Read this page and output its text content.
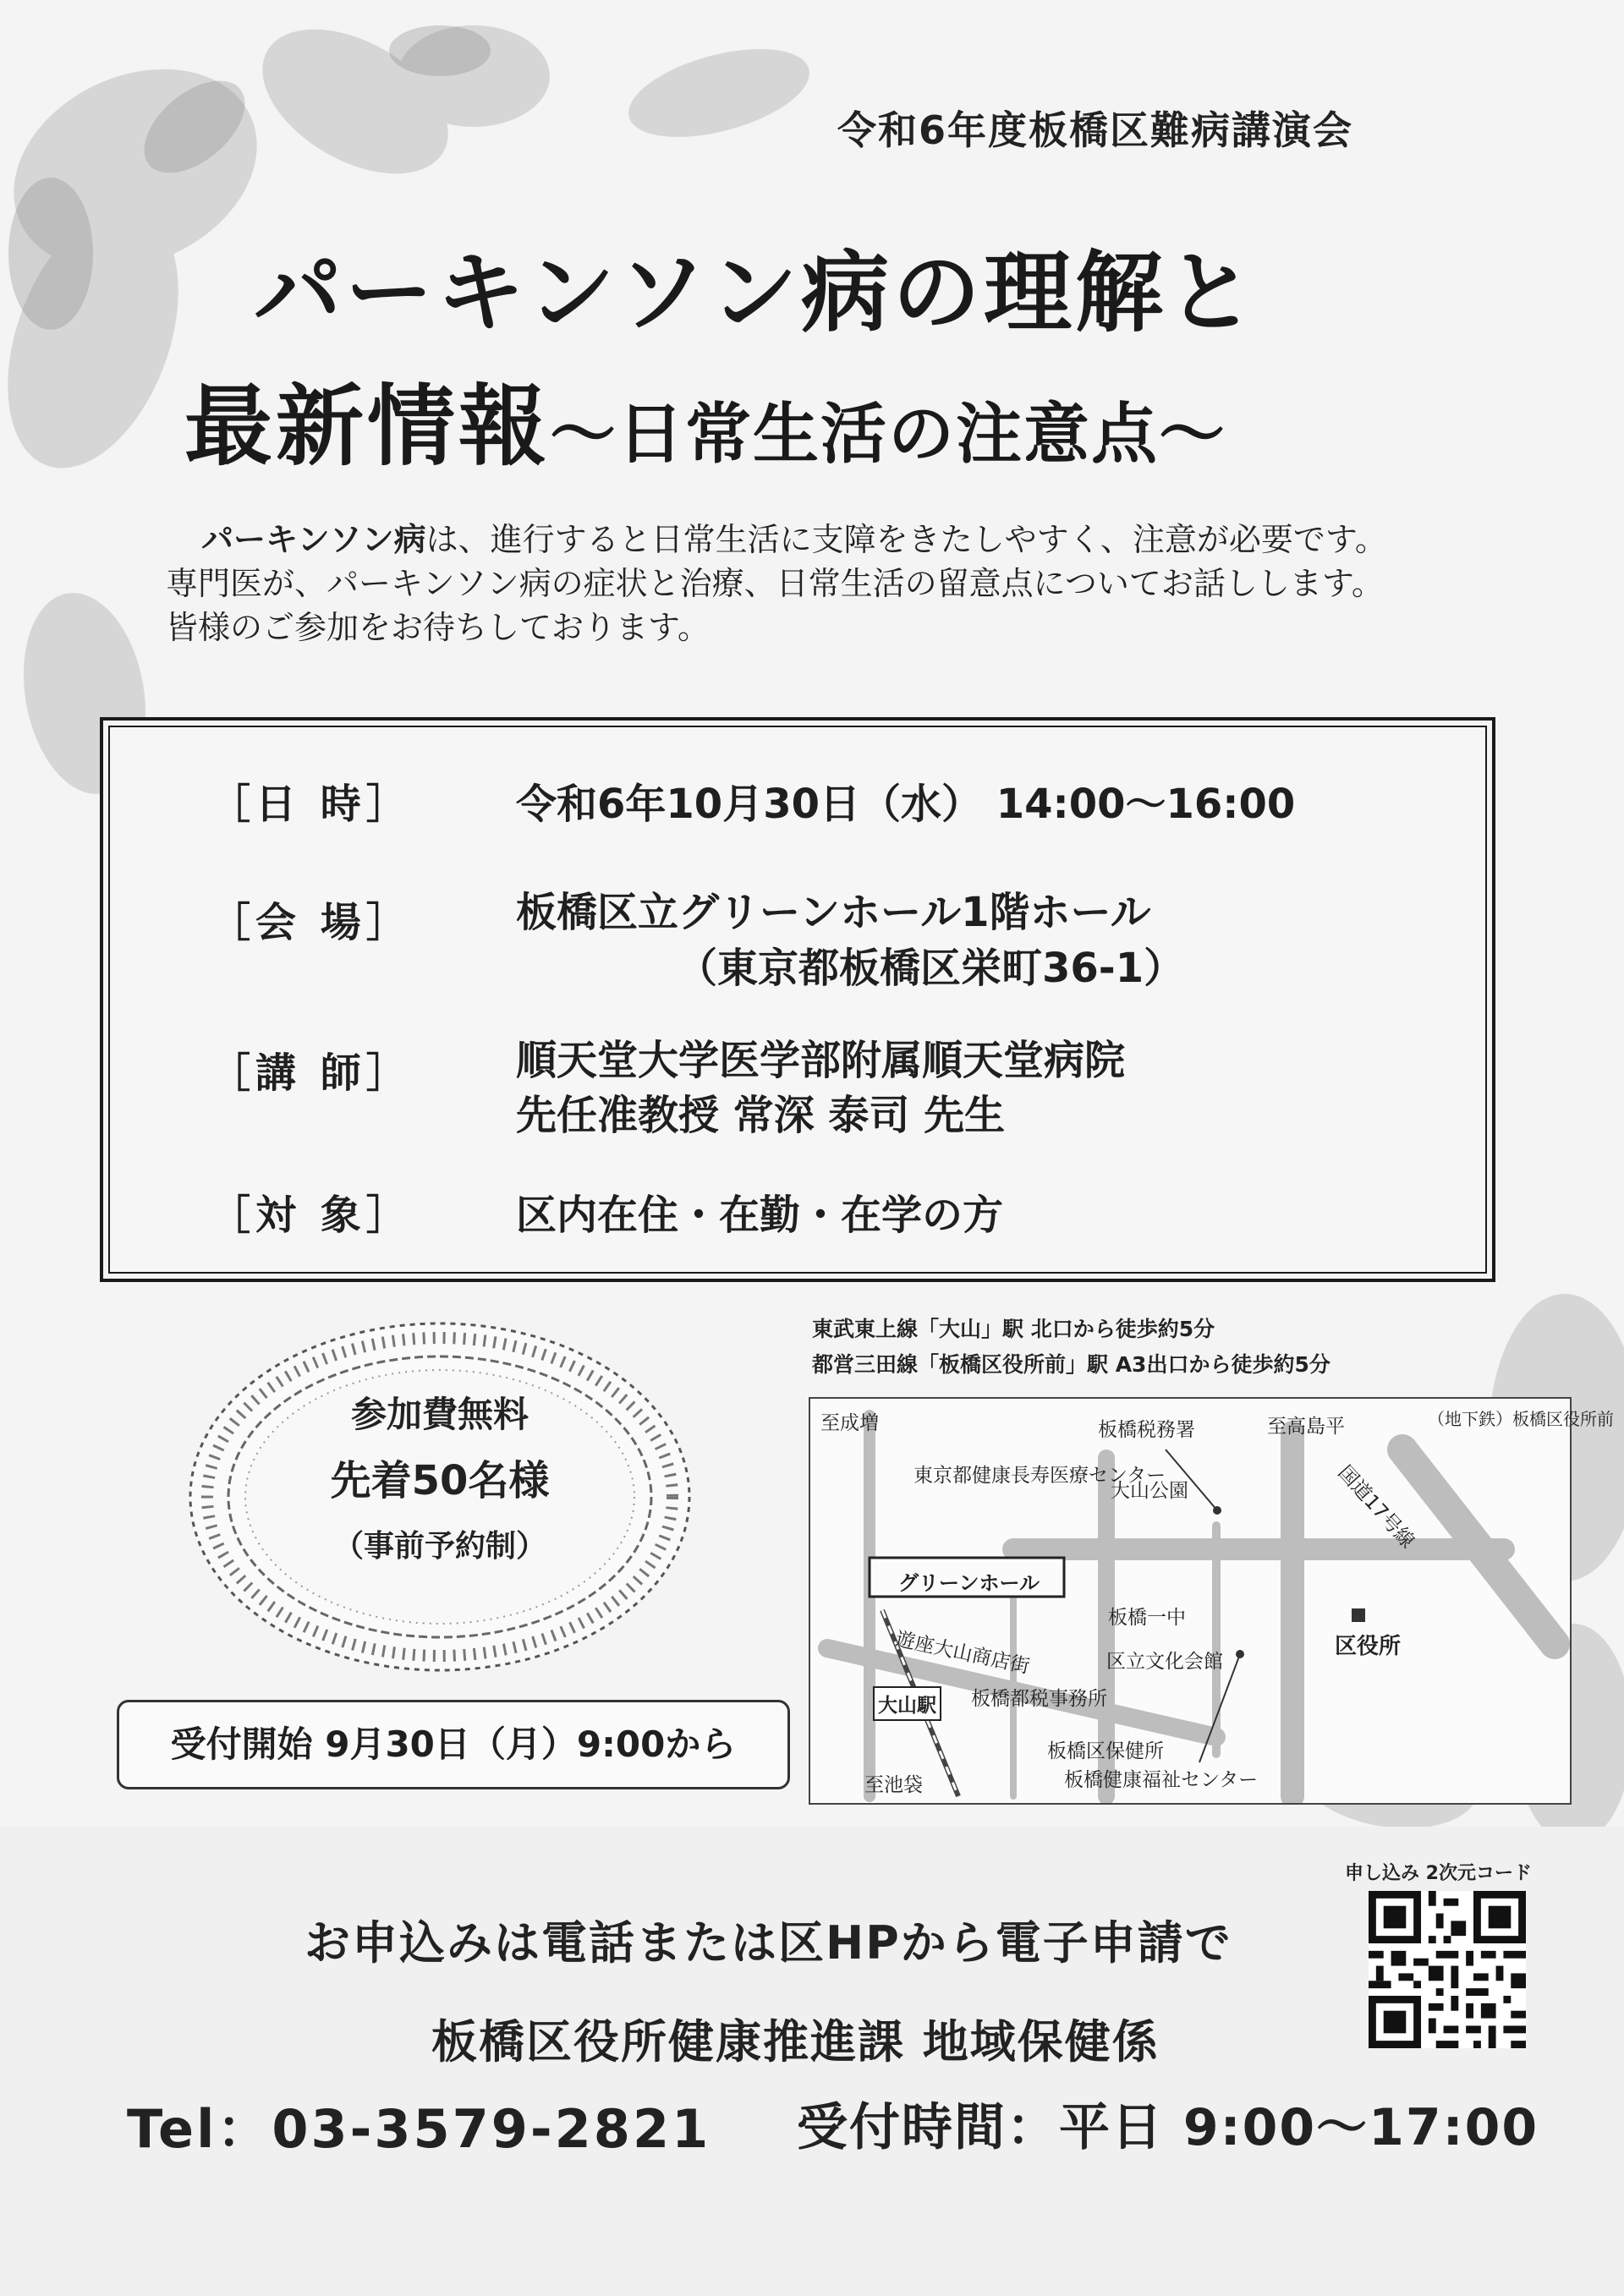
令和6年度板橋区難病講演会
パーキンソン病の理解と
最新情報〜日常生活の注意点〜

パーキンソン病は、進行すると日常生活に支障をきたしやすく、注意が必要です。

専門医が、パーキンソン病の症状と治療、日常生活の留意点についてお話しします。

皆様のご参加をお待ちしております。

［日 時］	令和6年10月30日（水） 14:00〜16:00
［会 場］	板橋区立グリーンホール1階ホール
（東京都板橋区栄町36-1）
［講 師］	順天堂大学医学部附属順天堂病院
先任准教授 常深 泰司 先生
［対 象］	区内在住・在勤・在学の方
参加費無料
先着50名様
（事前予約制）
受付開始 9月30日（月）9:00から
東武東上線「大山」駅 北口から徒歩約5分
都営三田線「板橋区役所前」駅 A3出口から徒歩約5分
至成増	板橋税務署	至高島平	（地下鉄）板橋区役所前
東京都健康長寿医療センター
大山公園	国道17号線
グリーンホール
板橋一中
区役所
遊座大山商店街	区立文化会館
大山駅 板橋都税事務所
板橋区保健所
板橋健康福祉センター
至池袋
申し込み 2次元コード
お申込みは電話または区HPから電子申請で
板橋区役所健康推進課 地域保健係
Tel：03-3579-2821 受付時間：平日 9:00〜17:00
